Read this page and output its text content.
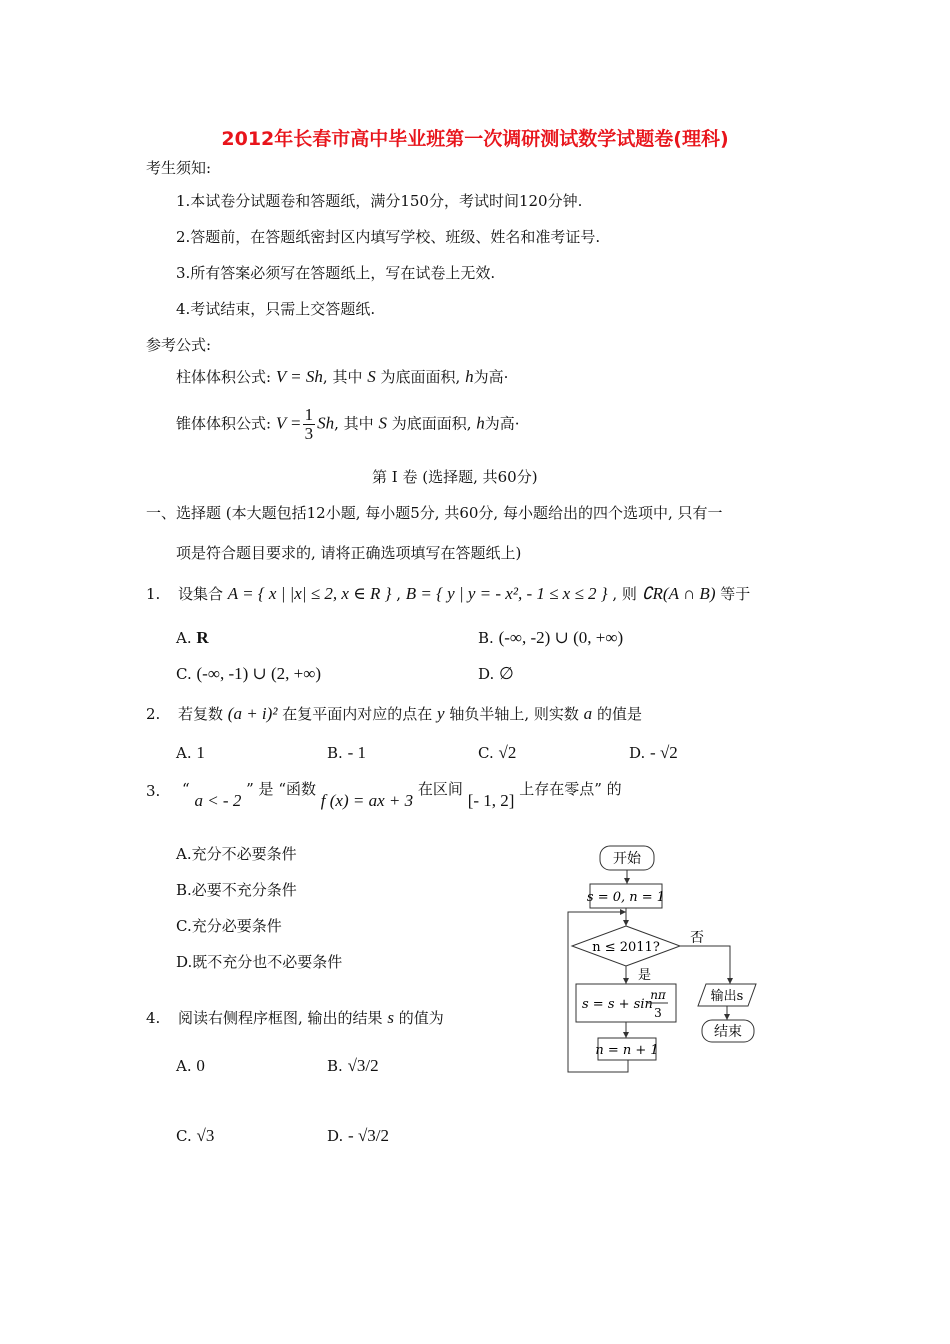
2012年长春市高中毕业班第一次调研测试数学试题卷(理科)
考生须知:
1.本试卷分试题卷和答题纸，满分150分，考试时间120分钟.
2.答题前，在答题纸密封区内填写学校、班级、姓名和准考证号.
3.所有答案必须写在答题纸上，写在试卷上无效.
4.考试结束，只需上交答题纸.
参考公式:
柱体体积公式: V = Sh, 其中 S 为底面面积, h为高·
锥体体积公式: $V = \frac{1}{3} Sh$, 其中 S 为底面面积, h为高·
第 I 卷 (选择题, 共60分)
一、选择题 (本大题包括12小题, 每小题5分, 共60分, 每小题给出的四个选项中, 只有一
项是符合题目要求的, 请将正确选项填写在答题纸上)
1. 设集合 A = { x | |x| ≤ 2, x ∈ R } , B = { y | y = - x², - 1 ≤ x ≤ 2 } , 则 ∁R(A ∩ B) 等于
A. R	B. (-∞, -2) ∪ (0, +∞)
C. (-∞, -1) ∪ (2, +∞)	D. ∅
2. 若复数 (a + i)² 在复平面内对应的点在 y 轴负半轴上, 则实数 a 的值是
A. 1	B. - 1	C. √2	D. - √2
3. “ a < - 2 ” 是 “函数 f (x) = ax + 3 在区间 [- 1, 2] 上存在零点” 的
A.充分不必要条件
B.必要不充分条件
C.充分必要条件
D.既不充分也不必要条件
4. 阅读右侧程序框图, 输出的结果 s 的值为
A. 0	B. √3/2
C. √3	D. - √3/2
开始
s = 0, n = 1
n ≤ 2011?
否
是
s = s + sin
nπ
3
n = n + 1
输出s
结束
